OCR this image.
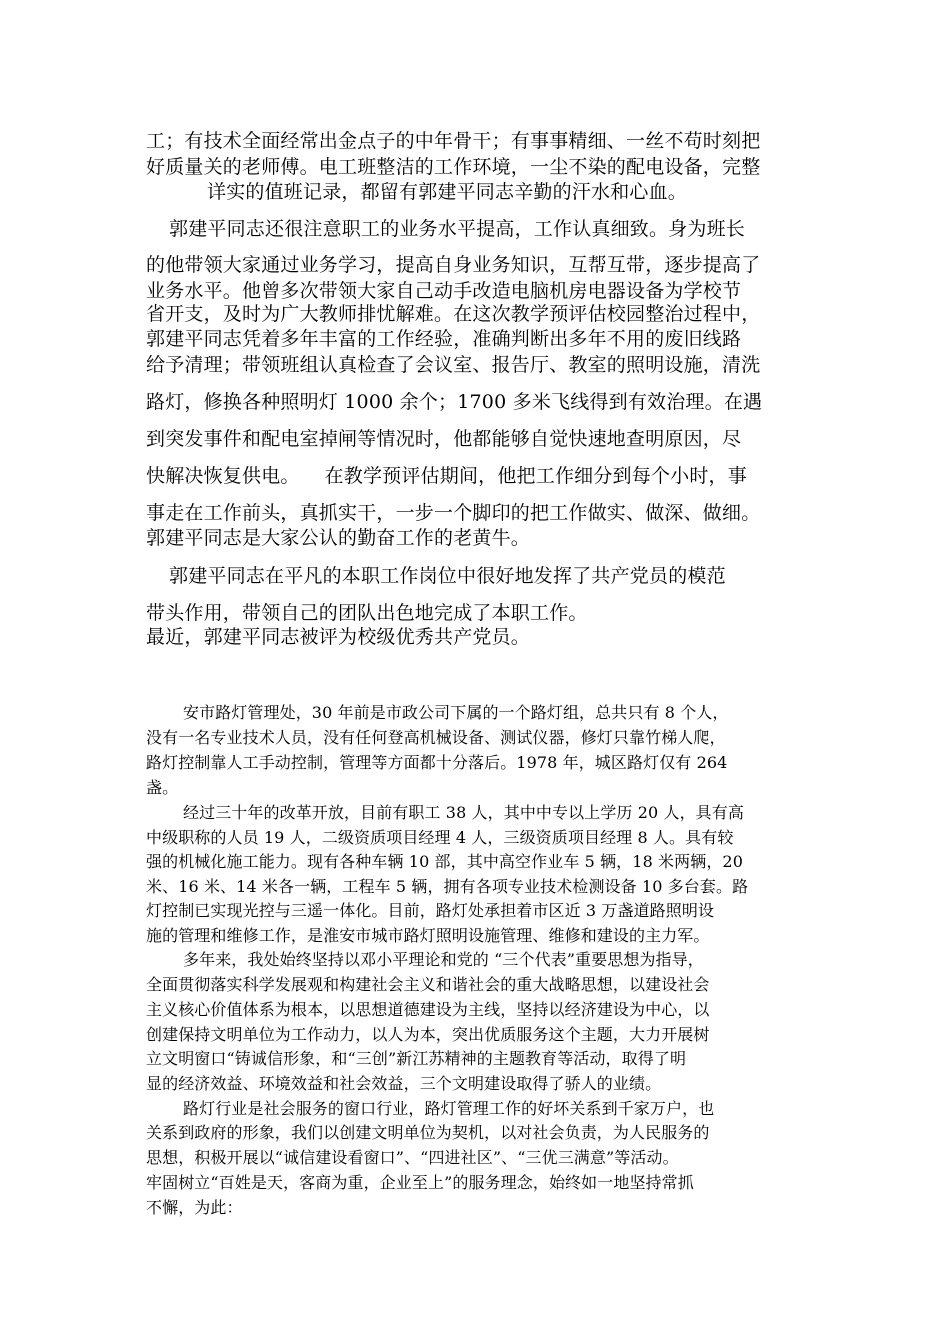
工；有技术全面经常出金点子的中年骨干；有事事精细、一丝不苟时刻把

好质量关的老师傅。电工班整洁的工作环境，一尘不染的配电设备，完整

详实的值班记录，都留有郭建平同志辛勤的汗水和心血。

郭建平同志还很注意职工的业务水平提高，工作认真细致。身为班长

的他带领大家通过业务学习，提高自身业务知识，互帮互带，逐步提高了

业务水平。他曾多次带领大家自己动手改造电脑机房电器设备为学校节

省开支，及时为广大教师排忧解难。在这次教学预评估校园整治过程中，

郭建平同志凭着多年丰富的工作经验，准确判断出多年不用的废旧线路

给予清理；带领班组认真检查了会议室、报告厅、教室的照明设施，清洗

路灯，修换各种照明灯 1000 余个；1700 多米飞线得到有效治理。在遇

到突发事件和配电室掉闸等情况时，他都能够自觉快速地查明原因，尽

快解决恢复供电。    在教学预评估期间，他把工作细分到每个小时，事

事走在工作前头，真抓实干，一步一个脚印的把工作做实、做深、做细。

郭建平同志是大家公认的勤奋工作的老黄牛。

郭建平同志在平凡的本职工作岗位中很好地发挥了共产党员的模范

带头作用，带领自己的团队出色地完成了本职工作。

最近，郭建平同志被评为校级优秀共产党员。

安市路灯管理处，30 年前是市政公司下属的一个路灯组，总共只有 8 个人，

没有一名专业技术人员，没有任何登高机械设备、测试仪器，修灯只靠竹梯人爬，

路灯控制靠人工手动控制，管理等方面都十分落后。1978 年，城区路灯仅有 264

盏。

经过三十年的改革开放，目前有职工 38 人，其中中专以上学历 20 人，具有高

中级职称的人员 19 人，二级资质项目经理 4 人，三级资质项目经理 8 人。具有较

强的机械化施工能力。现有各种车辆 10 部，其中高空作业车 5 辆，18 米两辆，20

米、16 米、14 米各一辆，工程车 5 辆，拥有各项专业技术检测设备 10 多台套。路

灯控制已实现光控与三遥一体化。目前，路灯处承担着市区近 3 万盏道路照明设

施的管理和维修工作，是淮安市城市路灯照明设施管理、维修和建设的主力军。

多年来，我处始终坚持以邓小平理论和党的 “三个代表”重要思想为指导，

全面贯彻落实科学发展观和构建社会主义和谐社会的重大战略思想，以建设社会

主义核心价值体系为根本，以思想道德建设为主线，坚持以经济建设为中心，以

创建保持文明单位为工作动力，以人为本，突出优质服务这个主题，大力开展树

立文明窗口“铸诚信形象，和“三创”新江苏精神的主题教育等活动，取得了明

显的经济效益、环境效益和社会效益，三个文明建设取得了骄人的业绩。

路灯行业是社会服务的窗口行业，路灯管理工作的好坏关系到千家万户，也

关系到政府的形象，我们以创建文明单位为契机，以对社会负责，为人民服务的

思想，积极开展以“诚信建设看窗口”、“四进社区”、“三优三满意”等活动。

牢固树立“百姓是天，客商为重，企业至上”的服务理念，始终如一地坚持常抓

不懈，为此：
